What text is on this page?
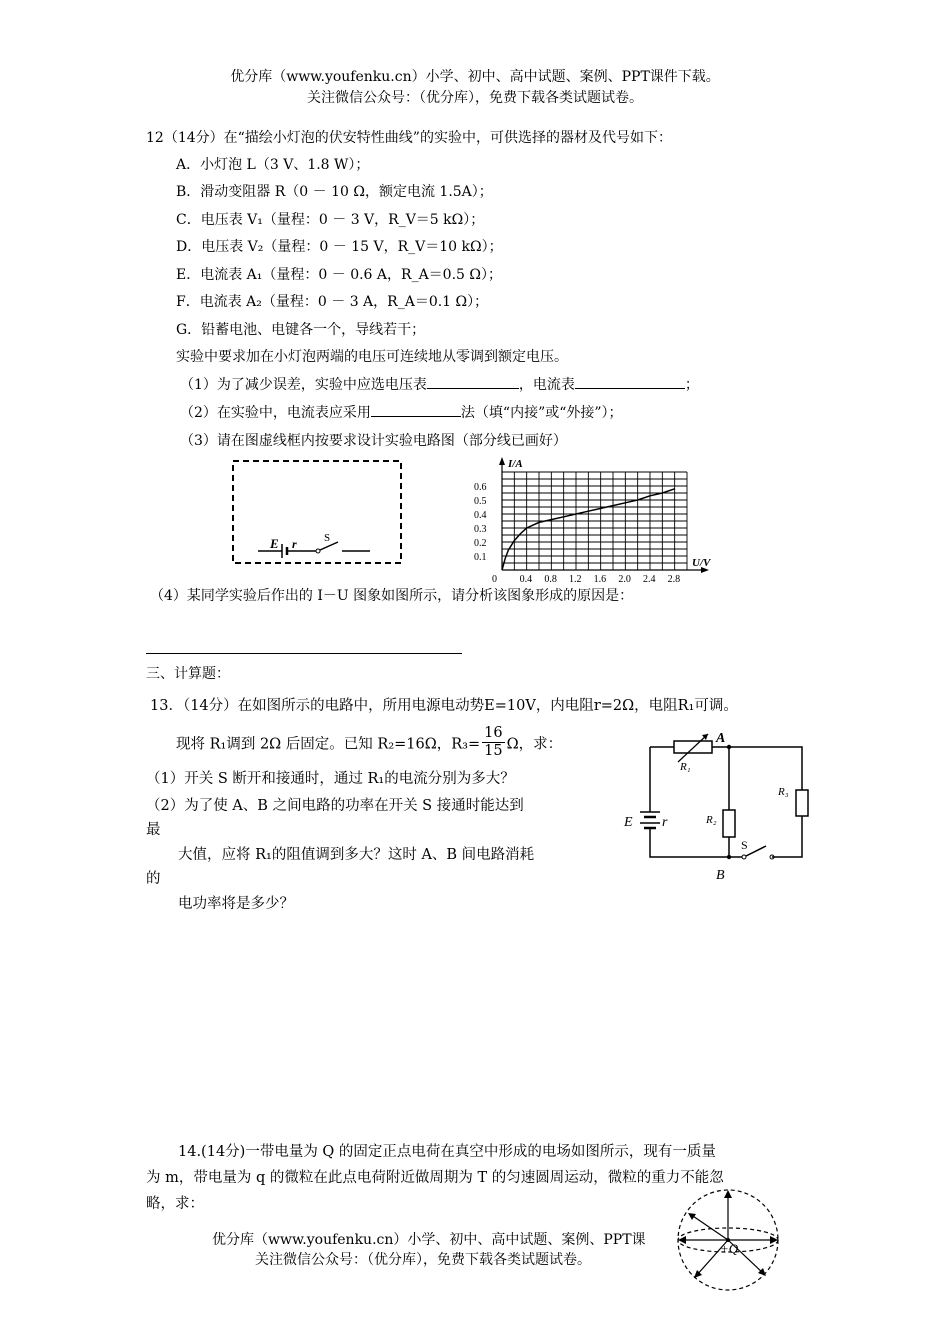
优分库（www.youfenku.cn）小学、初中、高中试题、案例、PPT课件下载。
关注微信公众号：（优分库），免费下载各类试题试卷。
12（14分）在“描绘小灯泡的伏安特性曲线”的实验中，可供选择的器材及代号如下：
A．小灯泡 L（3 V、1.8 W）；
B．滑动变阻器 R（0 － 10 Ω，额定电流 1.5A）；
C．电压表 V₁（量程：0 － 3 V，R_V＝5 kΩ）；
D．电压表 V₂（量程：0 － 15 V，R_V＝10 kΩ）；
E．电流表 A₁（量程：0 － 0.6 A，R_A＝0.5 Ω）；
F．电流表 A₂（量程：0 － 3 A，R_A＝0.1 Ω）；
G．铅蓄电池、电键各一个，导线若干；
实验中要求加在小灯泡两端的电压可连续地从零调到额定电压。
（1）为了减少误差，实验中应选电压表	，电流表	；
（2）在实验中，电流表应采用	法（填“内接”或“外接”）；
（3）请在图虚线框内按要求设计实验电路图（部分线已画好）
E r S
I/A
U/V
0.1
0.2
0.3
0.4
0.5
0.6
0 0.4 0.8 1.2 1.6 2.0 2.4 2.8
（4）某同学实验后作出的 I－U 图象如图所示，请分析该图象形成的原因是：
三、计算题：
13．（14分）在如图所示的电路中，所用电源电动势E=10V，内电阻r=2Ω，电阻R₁可调。
现将 R₁调到 2Ω 后固定。已知 R₂=16Ω，$R_3= \frac{16}{15}$ Ω，求：
（1）开关 S 断开和接通时，通过 R₁的电流分别为多大？
（2）为了使 A、B 之间电路的功率在开关 S 接通时能达到
最
大值，应将 R₁的阻值调到多大？这时 A、B 间电路消耗
的
电功率将是多少？
A
B
R₁
R₂
R₃
E r
S
14.(14分)一带电量为 Q 的固定正点电荷在真空中形成的电场如图所示，现有一质量
为 m，带电量为 q 的微粒在此点电荷附近做周期为 T 的匀速圆周运动，微粒的重力不能忽
略，求：
+Q
优分库（www.youfenku.cn）小学、初中、高中试题、案例、PPT课
关注微信公众号：（优分库），免费下载各类试题试卷。
